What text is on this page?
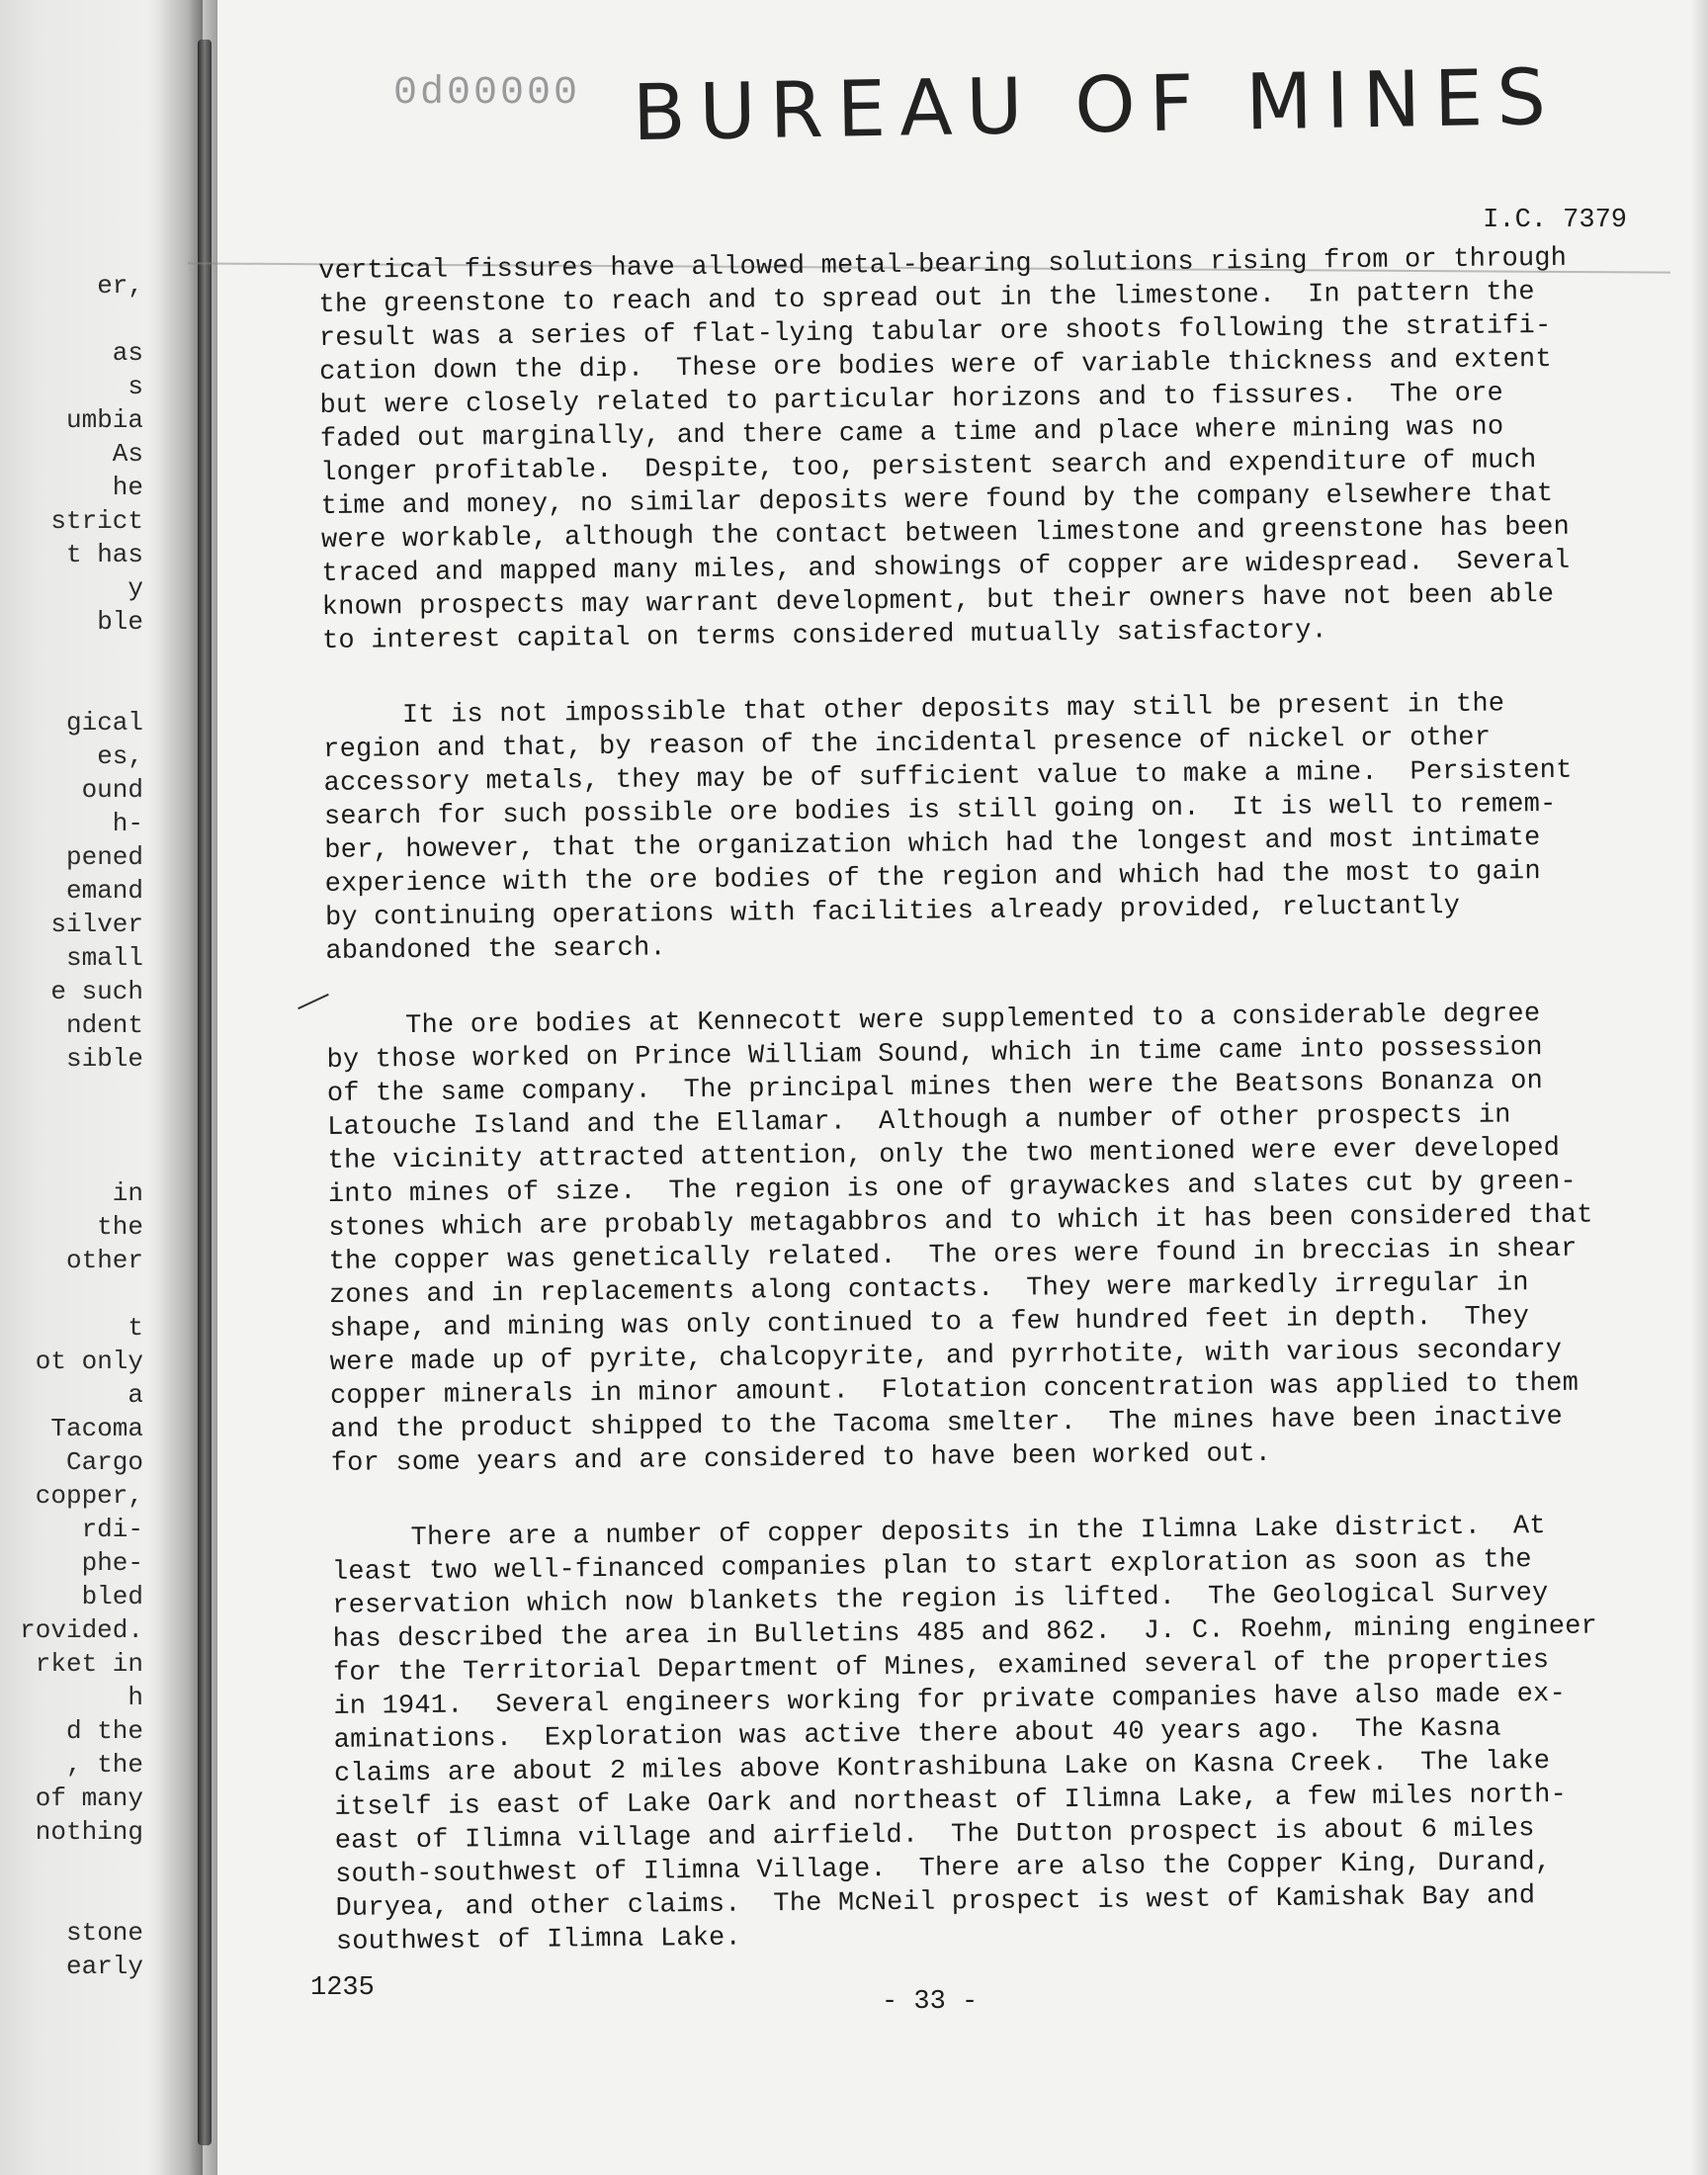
er,
as
s
umbia
As
he
strict
t has
y
ble
gical
es,
ound
h-
pened
emand
silver
small
e such
ndent
sible
in
the
other
t
ot only
a
Tacoma
Cargo
copper,
rdi-
phe-
bled
rovided.
rket in
h
d the
, the
of many
nothing
stone
early
0d00000 BUREAU OF MINES
I.C. 7379
vertical fissures have allowed metal-bearing solutions rising from or through
the greenstone to reach and to spread out in the limestone.  In pattern the
result was a series of flat-lying tabular ore shoots following the stratifi-
cation down the dip.  These ore bodies were of variable thickness and extent
but were closely related to particular horizons and to fissures.  The ore
faded out marginally, and there came a time and place where mining was no
longer profitable.  Despite, too, persistent search and expenditure of much
time and money, no similar deposits were found by the company elsewhere that
were workable, although the contact between limestone and greenstone has been
traced and mapped many miles, and showings of copper are widespread.  Several
known prospects may warrant development, but their owners have not been able
to interest capital on terms considered mutually satisfactory.
It is not impossible that other deposits may still be present in the
region and that, by reason of the incidental presence of nickel or other
accessory metals, they may be of sufficient value to make a mine.  Persistent
search for such possible ore bodies is still going on.  It is well to remem-
ber, however, that the organization which had the longest and most intimate
experience with the ore bodies of the region and which had the most to gain
by continuing operations with facilities already provided, reluctantly
abandoned the search.
The ore bodies at Kennecott were supplemented to a considerable degree
by those worked on Prince William Sound, which in time came into possession
of the same company.  The principal mines then were the Beatsons Bonanza on
Latouche Island and the Ellamar.  Although a number of other prospects in
the vicinity attracted attention, only the two mentioned were ever developed
into mines of size.  The region is one of graywackes and slates cut by green-
stones which are probably metagabbros and to which it has been considered that
the copper was genetically related.  The ores were found in breccias in shear
zones and in replacements along contacts.  They were markedly irregular in
shape, and mining was only continued to a few hundred feet in depth.  They
were made up of pyrite, chalcopyrite, and pyrrhotite, with various secondary
copper minerals in minor amount.  Flotation concentration was applied to them
and the product shipped to the Tacoma smelter.  The mines have been inactive
for some years and are considered to have been worked out.
There are a number of copper deposits in the Ilimna Lake district.  At
least two well-financed companies plan to start exploration as soon as the
reservation which now blankets the region is lifted.  The Geological Survey
has described the area in Bulletins 485 and 862.  J. C. Roehm, mining engineer
for the Territorial Department of Mines, examined several of the properties
in 1941.  Several engineers working for private companies have also made ex-
aminations.  Exploration was active there about 40 years ago.  The Kasna
claims are about 2 miles above Kontrashibuna Lake on Kasna Creek.  The lake
itself is east of Lake Oark and northeast of Ilimna Lake, a few miles north-
east of Ilimna village and airfield.  The Dutton prospect is about 6 miles
south-southwest of Ilimna Village.  There are also the Copper King, Durand,
Duryea, and other claims.  The McNeil prospect is west of Kamishak Bay and
southwest of Ilimna Lake.
1235	- 33 -
